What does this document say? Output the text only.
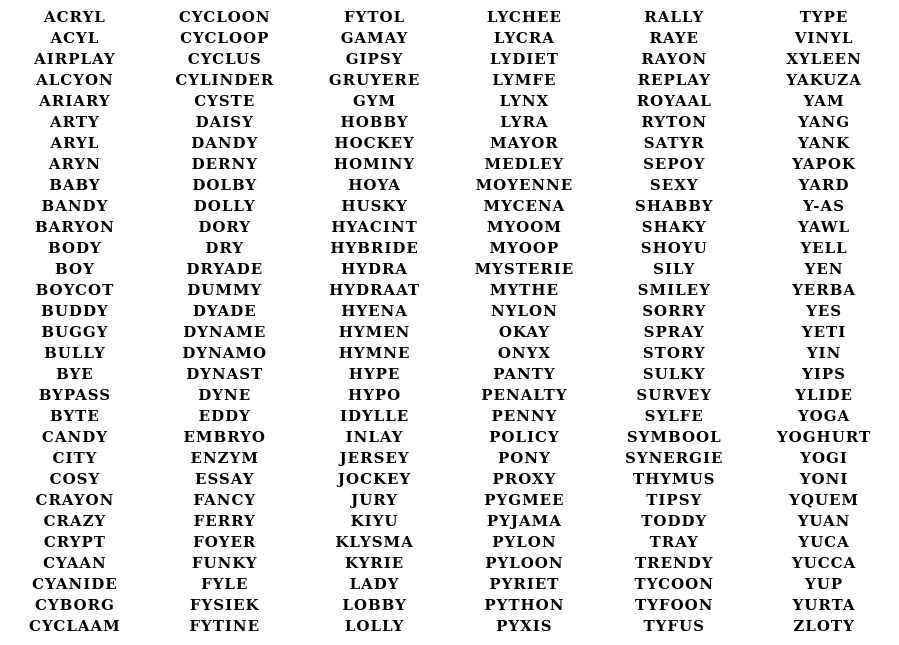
ACRYL
ACYL
AIRPLAY
ALCYON
ARIARY
ARTY
ARYL
ARYN
BABY
BANDY
BARYON
BODY
BOY
BOYCOT
BUDDY
BUGGY
BULLY
BYE
BYPASS
BYTE
CANDY
CITY
COSY
CRAYON
CRAZY
CRYPT
CYAAN
CYANIDE
CYBORG
CYCLAAM
CYCLOON
CYCLOOP
CYCLUS
CYLINDER
CYSTE
DAISY
DANDY
DERNY
DOLBY
DOLLY
DORY
DRY
DRYADE
DUMMY
DYADE
DYNAME
DYNAMO
DYNAST
DYNE
EDDY
EMBRYO
ENZYM
ESSAY
FANCY
FERRY
FOYER
FUNKY
FYLE
FYSIEK
FYTINE
FYTOL
GAMAY
GIPSY
GRUYERE
GYM
HOBBY
HOCKEY
HOMINY
HOYA
HUSKY
HYACINT
HYBRIDE
HYDRA
HYDRAAT
HYENA
HYMEN
HYMNE
HYPE
HYPO
IDYLLE
INLAY
JERSEY
JOCKEY
JURY
KIYU
KLYSMA
KYRIE
LADY
LOBBY
LOLLY
LYCHEE
LYCRA
LYDIET
LYMFE
LYNX
LYRA
MAYOR
MEDLEY
MOYENNE
MYCENA
MYOOM
MYOOP
MYSTERIE
MYTHE
NYLON
OKAY
ONYX
PANTY
PENALTY
PENNY
POLICY
PONY
PROXY
PYGMEE
PYJAMA
PYLON
PYLOON
PYRIET
PYTHON
PYXIS
RALLY
RAYE
RAYON
REPLAY
ROYAAL
RYTON
SATYR
SEPOY
SEXY
SHABBY
SHAKY
SHOYU
SILY
SMILEY
SORRY
SPRAY
STORY
SULKY
SURVEY
SYLFE
SYMBOOL
SYNERGIE
THYMUS
TIPSY
TODDY
TRAY
TRENDY
TYCOON
TYFOON
TYFUS
TYPE
VINYL
XYLEEN
YAKUZA
YAM
YANG
YANK
YAPOK
YARD
Y-AS
YAWL
YELL
YEN
YERBA
YES
YETI
YIN
YIPS
YLIDE
YOGA
YOGHURT
YOGI
YONI
YQUEM
YUAN
YUCA
YUCCA
YUP
YURTA
ZLOTY
